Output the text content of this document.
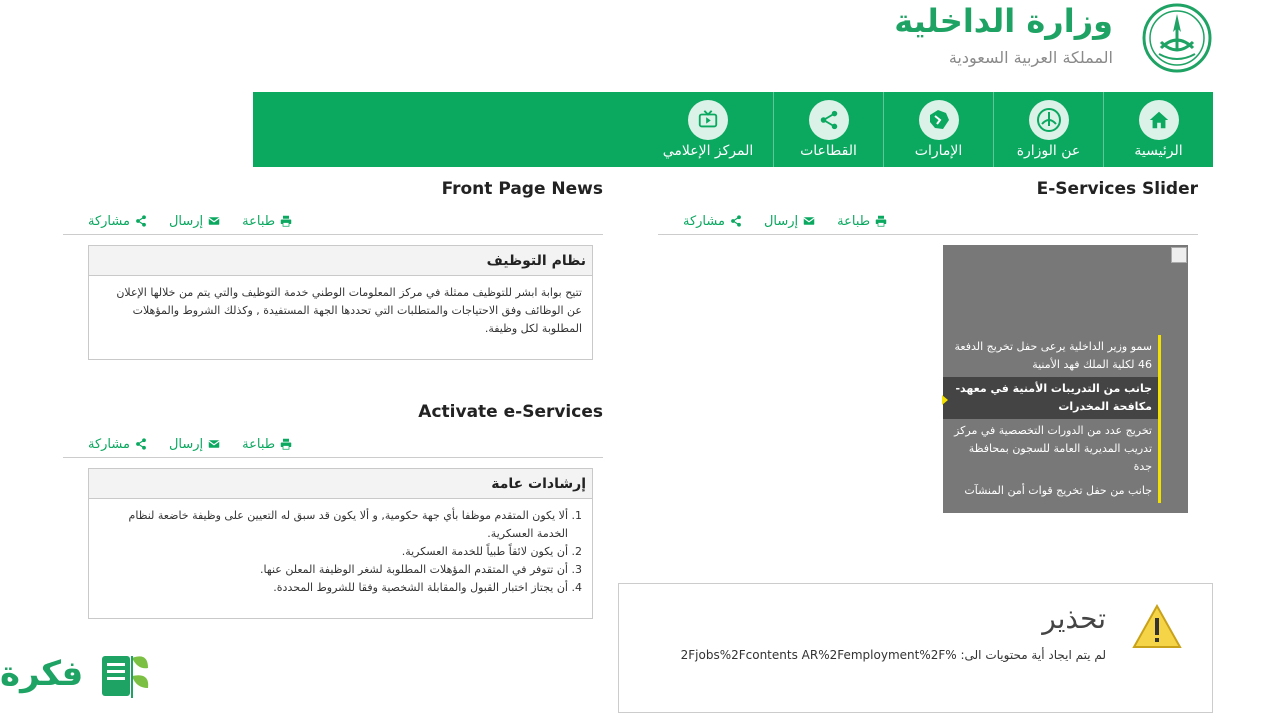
وزارة الداخلية
المملكة العربية السعودية
الرئيسية
عن الوزارة
الإمارات
القطاعات
المركز الإعلامي
E-Services Slider
طباعة
إرسال
مشاركة
سمو وزير الداخلية يرعى حفل تخريج الدفعة 46 لكلية الملك فهد الأمنية
جانب من التدريبات الأمنية في معهد-مكافحة المخدرات
تخريج عدد من الدورات التخصصية في مركز تدريب المديرية العامة للسجون بمحافظة جدة
جانب من حفل تخريج قوات أمن المنشآت
Front Page News
طباعة
إرسال
مشاركة
نظام التوظيف
تتيح بوابة ابشر للتوظيف ممثلة في مركز المعلومات الوطني خدمة التوظيف والتي يتم من خلالها الإعلان عن الوظائف وفق الاحتياجات والمتطلبات التي تحددها الجهة المستفيدة , وكذلك الشروط والمؤهلات المطلوبة لكل وظيفة.
Activate e-Services
طباعة
إرسال
مشاركة
إرشادات عامة
1. ألا يكون المتقدم موظفا بأي جهة حكومية, و ألا يكون قد سبق له التعيين على وظيفة خاضعة لنظام الخدمة العسكرية.
2. أن يكون لائقاً طبياً للخدمة العسكرية.
3. أن تتوفر في المتقدم المؤهلات المطلوبة لشغر الوظيفة المعلن عنها.
4. أن يجتاز اختبار القبول والمقابلة الشخصية وفقا للشروط المحددة.
تحذير
لم يتم ايجاد أية محتويات الى: %2Fjobs%2Fcontents AR%2Femployment%2F
فكرة
